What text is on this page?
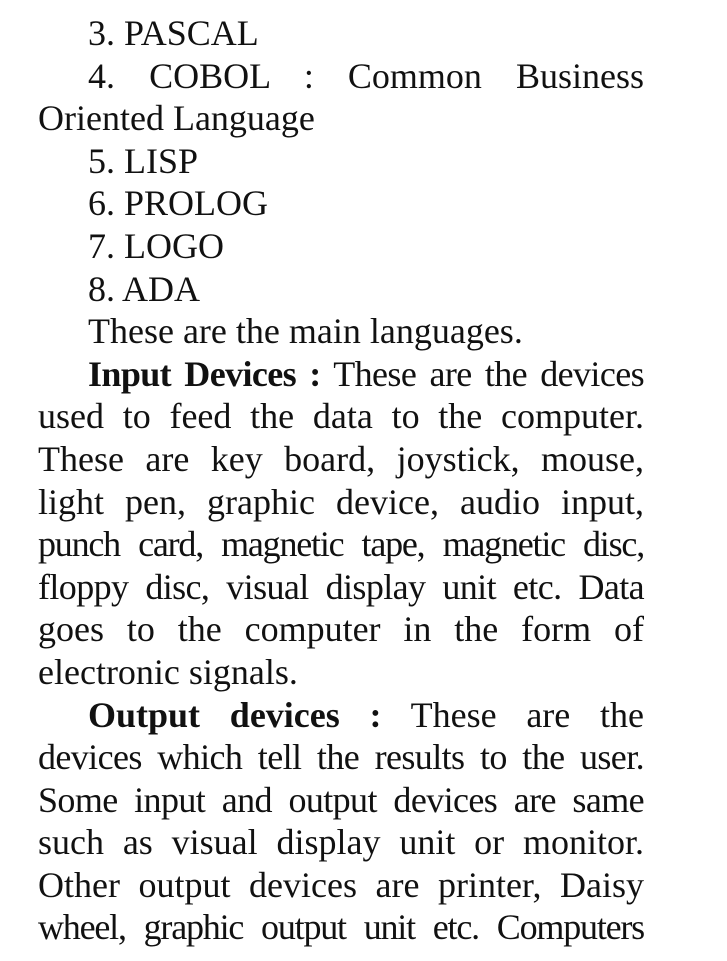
3. PASCAL
4. COBOL : Common Business
Oriented Language
5. LISP
6. PROLOG
7. LOGO
8. ADA
These are the main languages.
Input Devices : These are the devices
used to feed the data to the computer.
These are key board, joystick, mouse,
light pen, graphic device, audio input,
punch card, magnetic tape, magnetic disc,
floppy disc, visual display unit etc. Data
goes to the computer in the form of
electronic signals.
Output devices : These are the
devices which tell the results to the user.
Some input and output devices are same
such as visual display unit or monitor.
Other output devices are printer, Daisy
wheel, graphic output unit etc. Computers
